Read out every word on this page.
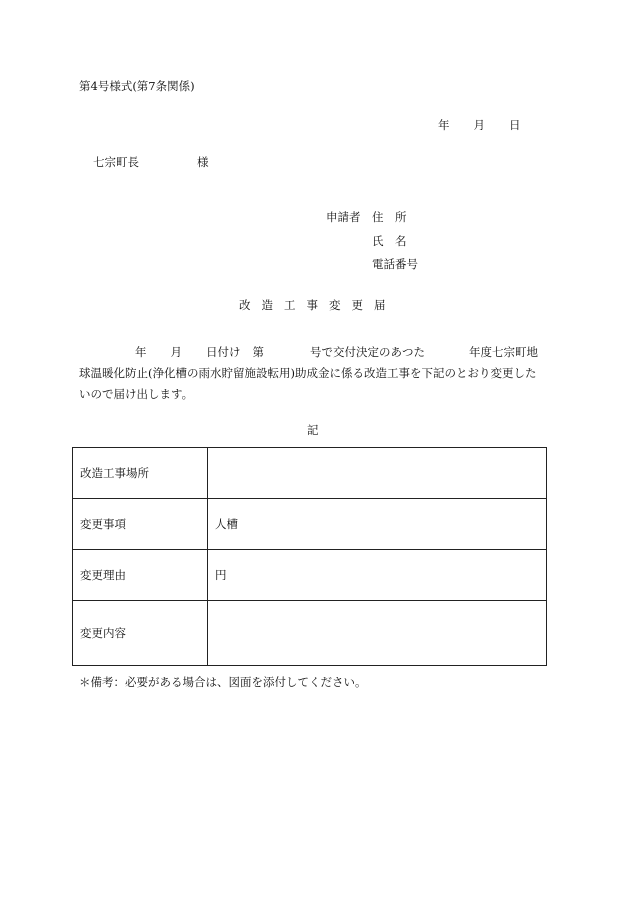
第4号様式(第7条関係)
年 月 日
七宗町長	様
申請者 住　所
氏　名
電話番号
改 造 工 事 変 更 届
年 月 日付け 第	号で交付決定のあつた	年度七宗町地
球温暖化防止(浄化槽の雨水貯留施設転用)助成金に係る改造工事を下記のとおり変更した
いので届け出します。
記
改造工事場所	
変更事項	人槽
変更理由	円
変更内容	
＊備考：必要がある場合は、図面を添付してください。
